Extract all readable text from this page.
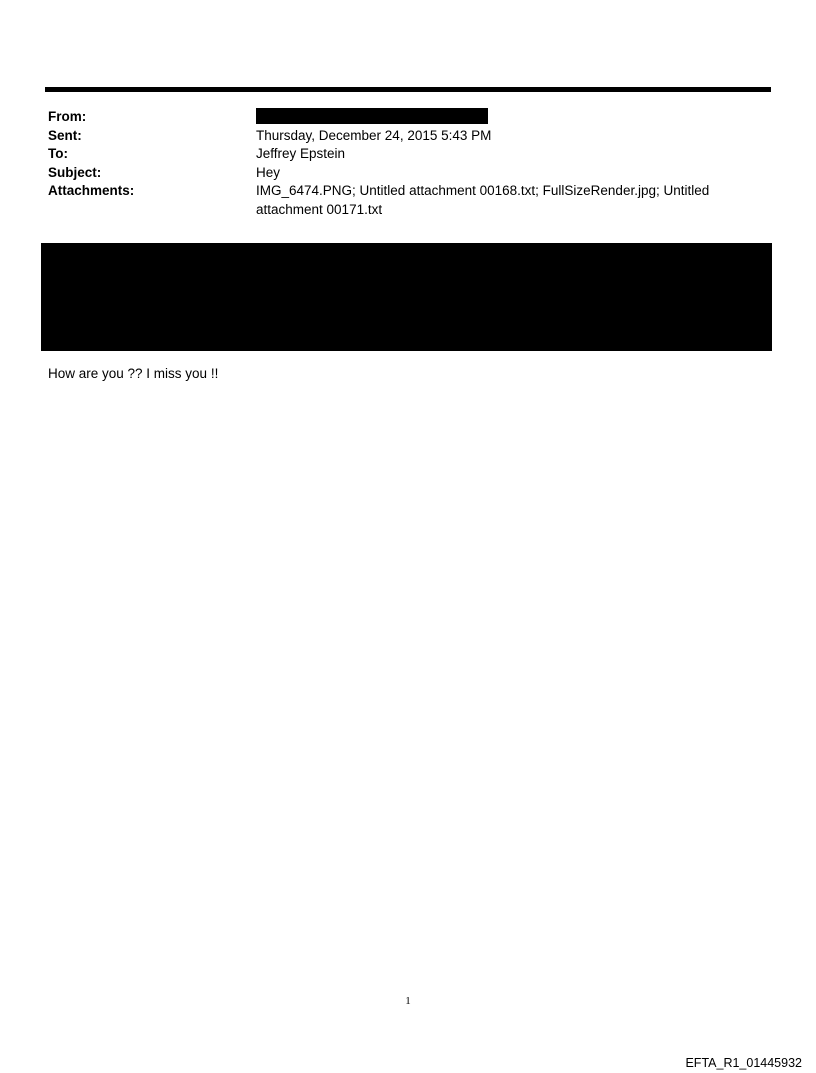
From:
Sent:	Thursday, December 24, 2015 5:43 PM
To:	Jeffrey Epstein
Subject:	Hey
Attachments:	IMG_6474.PNG; Untitled attachment 00168.txt; FullSizeRender.jpg; Untitled attachment 00171.txt
How are you ?? I miss you !!
1
EFTA_R1_01445932
